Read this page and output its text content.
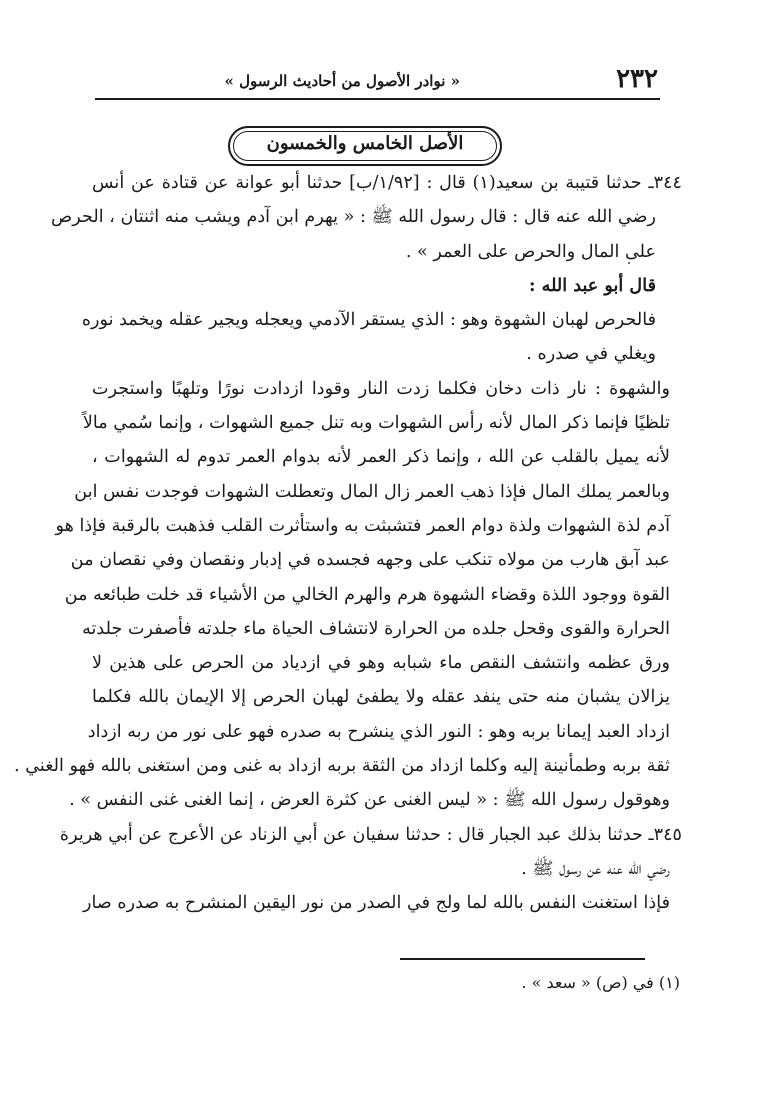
٢٣٢
« نوادر الأصول من أحاديث الرسول »
الأصل الخامس والخمسون
٣٤٤ـ حدثنا قتيبة بن سعيد(١) قال : [١/٩٢/ب] حدثنا أبو عوانة عن قتادة عن أنس
رضي الله عنه قال : قال رسول الله ﷺ : « يهرم ابن آدم ويشب منه اثنتان ، الحرص
على المال والحرص على العمر » .
قال أبو عبد الله :
فالحرص لهبان الشهوة وهو : الذي يستقر الآدمي ويعجله ويجير عقله ويخمد نوره
ويغلي في صدره .
والشهوة : نار ذات دخان فكلما زدت النار وقودا ازدادت نورًا وتلهبًا واستجرت
تلظيًا فإنما ذكر المال لأنه رأس الشهوات وبه تنل جميع الشهوات ، وإنما سُمي مالاً
لأنه يميل بالقلب عن الله ، وإنما ذكر العمر لأنه بدوام العمر تدوم له الشهوات ،
وبالعمر يملك المال فإذا ذهب العمر زال المال وتعطلت الشهوات فوجدت نفس ابن
آدم لذة الشهوات ولذة دوام العمر فتشبثت به واستأثرت القلب فذهبت بالرقبة فإذا هو
عبد آبق هارب من مولاه تنكب على وجهه فجسده في إدبار ونقصان وفي نقصان من
القوة ووجود اللذة وقضاء الشهوة هرم والهرم الخالي من الأشياء قد خلت طبائعه من
الحرارة والقوى وقحل جلده من الحرارة لانتشاف الحياة ماء جلدته فأصفرت جلدته
ورق عظمه وانتشف النقص ماء شبابه وهو في ازدياد من الحرص على هذين لا
يزالان يشبان منه حتى ينفد عقله ولا يطفئ لهبان الحرص إلا الإيمان بالله فكلما
ازداد العبد إيمانا بربه وهو : النور الذي ينشرح به صدره فهو على نور من ربه ازداد
ثقة بربه وطمأنينة إليه وكلما ازداد من الثقة بربه ازداد به غنى ومن استغنى بالله فهو الغني .
وهوقول رسول الله ﷺ : « ليس الغنى عن كثرة العرض ، إنما الغنى غنى النفس » .
٣٤٥ـ حدثنا بذلك عبد الجبار قال : حدثنا سفيان عن أبي الزناد عن الأعرج عن أبي هريرة
رضي الله عنه عن رسول ﷺ .
فإذا استغنت النفس بالله لما ولج في الصدر من نور اليقين المنشرح به صدره صار
(١) في (ص) « سعد » .
